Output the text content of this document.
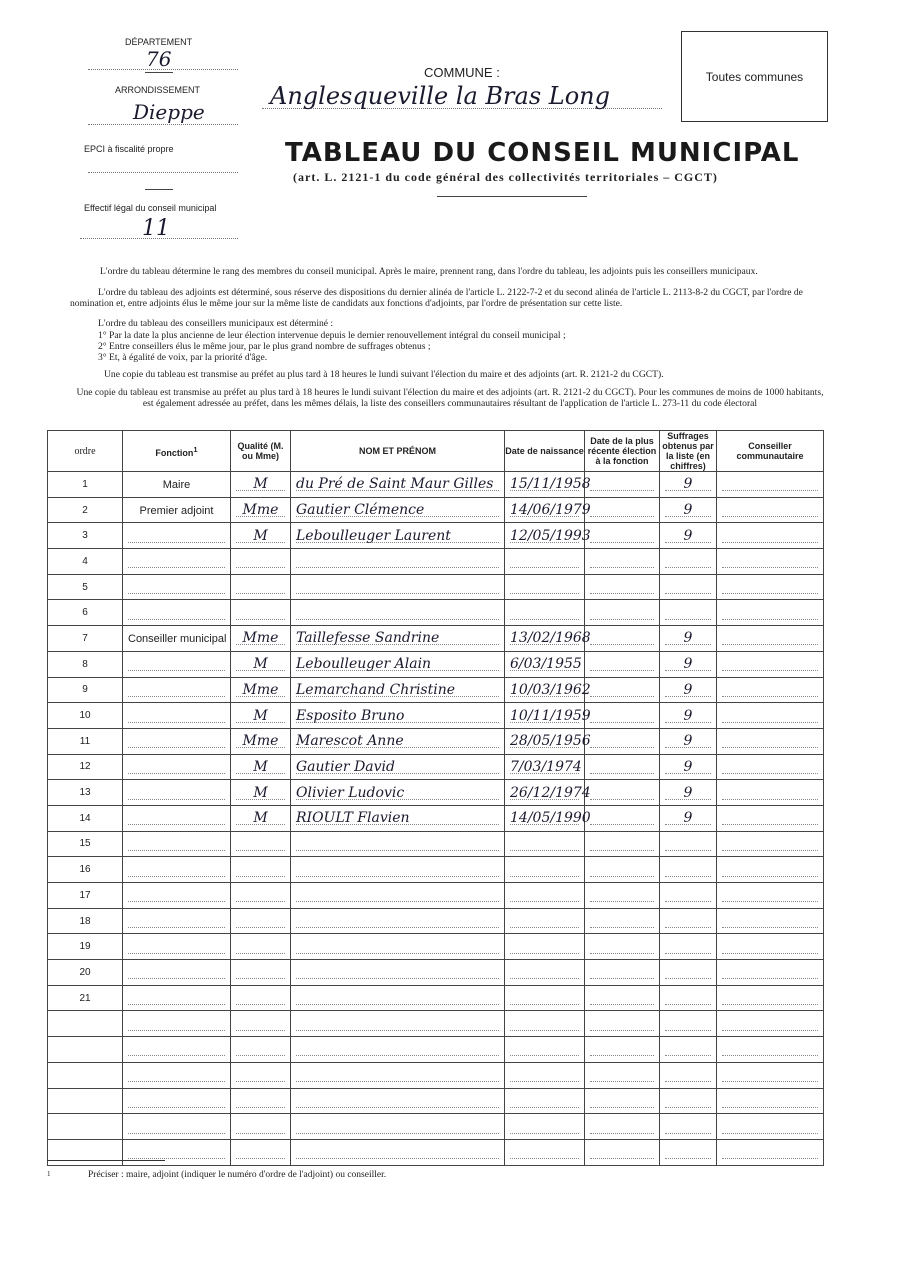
DÉPARTEMENT
76
ARRONDISSEMENT
Dieppe
EPCI à fiscalité propre
Effectif légal du conseil municipal
11
COMMUNE :
Anglesqueville la Bras Long
Toutes communes
TABLEAU DU CONSEIL MUNICIPAL
(art. L. 2121-1 du code général des collectivités territoriales – CGCT)
L'ordre du tableau détermine le rang des membres du conseil municipal. Après le maire, prennent rang, dans l'ordre du tableau, les adjoints puis les conseillers municipaux.
L'ordre du tableau des adjoints est déterminé, sous réserve des dispositions du dernier alinéa de l'article L. 2122-7-2 et du second alinéa de l'article L. 2113-8-2 du CGCT, par l'ordre de nomination et, entre adjoints élus le même jour sur la même liste de candidats aux fonctions d'adjoints, par l'ordre de présentation sur cette liste.
L'ordre du tableau des conseillers municipaux est déterminé :
1° Par la date la plus ancienne de leur élection intervenue depuis le dernier renouvellement intégral du conseil municipal ;
2° Entre conseillers élus le même jour, par le plus grand nombre de suffrages obtenus ;
3° Et, à égalité de voix, par la priorité d'âge.
Une copie du tableau est transmise au préfet au plus tard à 18 heures le lundi suivant l'élection du maire et des adjoints (art. R. 2121-2 du CGCT).
Une copie du tableau est transmise au préfet au plus tard à 18 heures le lundi suivant l'élection du maire et des adjoints (art. R. 2121-2 du CGCT). Pour les communes de moins de 1000 habitants, est également adressée au préfet, dans les mêmes délais, la liste des conseillers communautaires résultant de l'application de l'article L. 273-11 du code électoral
ordre	Fonction$^1$	Qualité (M. ou Mme)	NOM ET PRÉNOM	Date de naissance	Date de la plus récente élection à la fonction	Suffrages obtenus par la liste (en chiffres)	Conseiller communautaire
1	Maire	M	du Pré de Saint Maur Gilles	15/11/1958		9	

2	Premier adjoint	Mme	Gautier Clémence	14/06/1979		9	

3		M	Leboulleuger Laurent	12/05/1993		9	

4	

5	

6	

7	Conseiller municipal	Mme	Taillefesse Sandrine	13/02/1968		9	

8		M	Leboulleuger Alain	6/03/1955		9	

9		Mme	Lemarchand Christine	10/03/1962		9	

10		M	Esposito Bruno	10/11/1959		9	

11		Mme	Marescot Anne	28/05/1956		9	

12		M	Gautier David	7/03/1974		9	

13		M	Olivier Ludovic	26/12/1974		9	

14		M	RIOULT Flavien	14/05/1990		9	

15	

16	

17	

18	

19	

20	

21	

1	Préciser : maire, adjoint (indiquer le numéro d'ordre de l'adjoint) ou conseiller.
